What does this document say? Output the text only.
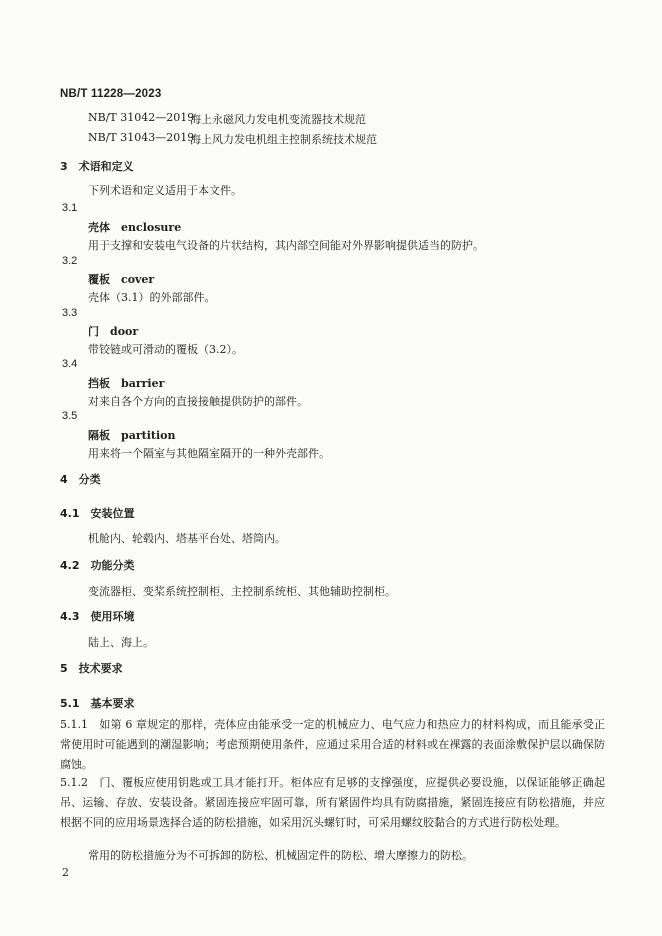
NB/T 11228—2023
NB/T 31042—2019
海上永磁风力发电机变流器技术规范
NB/T 31043—2019
海上风力发电机组主控制系统技术规范
3　术语和定义
下列术语和定义适用于本文件。
3.1
壳体　enclosure
用于支撑和安装电气设备的片状结构，其内部空间能对外界影响提供适当的防护。
3.2
覆板　cover
壳体（3.1）的外部部件。
3.3
门　door
带铰链或可滑动的覆板（3.2）。
3.4
挡板　barrier
对来自各个方向的直接接触提供防护的部件。
3.5
隔板　partition
用来将一个隔室与其他隔室隔开的一种外壳部件。
4　分类
4.1　安装位置
机舱内、轮毂内、塔基平台处、塔筒内。
4.2　功能分类
变流器柜、变桨系统控制柜、主控制系统柜、其他辅助控制柜。
4.3　使用环境
陆上、海上。
5　技术要求
5.1　基本要求
5.1.1　如第 6 章规定的那样，壳体应由能承受一定的机械应力、电气应力和热应力的材料构成，而且能承受正常使用时可能遇到的潮湿影响；考虑预期使用条件，应通过采用合适的材料或在裸露的表面涂敷保护层以确保防腐蚀。
5.1.2　门、覆板应使用钥匙或工具才能打开。柜体应有足够的支撑强度，应提供必要设施，以保证能够正确起吊、运输、存放、安装设备。紧固连接应牢固可靠，所有紧固件均具有防腐措施，紧固连接应有防松措施，并应根据不同的应用场景选择合适的防松措施，如采用沉头螺钉时，可采用螺纹胶黏合的方式进行防松处理。
常用的防松措施分为不可拆卸的防松、机械固定件的防松、增大摩擦力的防松。
2
